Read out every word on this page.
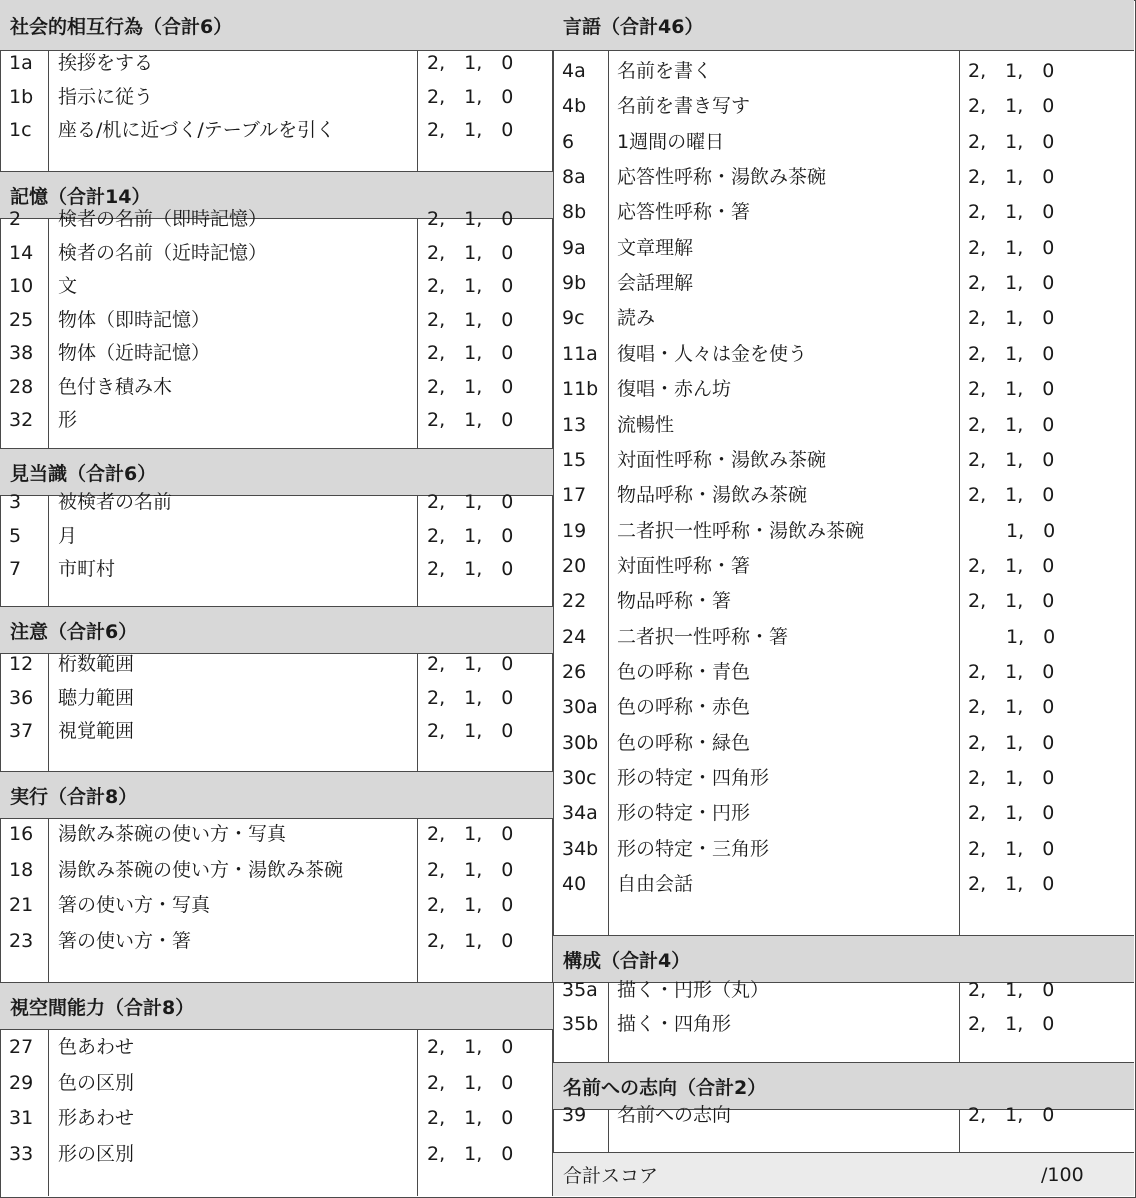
社会的相互行為（合計6）
1a 挨拶をする	2,　1,　0
1b 指示に従う	2,　1,　0
1c 座る/机に近づく/テーブルを引く	2,　1,　0
記憶（合計14）
2 検者の名前（即時記憶）	2,　1,　0
14 検者の名前（近時記憶）	2,　1,　0
10 文	2,　1,　0
25 物体（即時記憶）	2,　1,　0
38 物体（近時記憶）	2,　1,　0
28 色付き積み木	2,　1,　0
32 形	2,　1,　0
見当識（合計6）
3 被検者の名前	2,　1,　0
5 月	2,　1,　0
7 市町村	2,　1,　0
注意（合計6）
12 桁数範囲	2,　1,　0
36 聴力範囲	2,　1,　0
37 視覚範囲	2,　1,　0
実行（合計8）
16 湯飲み茶碗の使い方・写真	2,　1,　0
18 湯飲み茶碗の使い方・湯飲み茶碗	2,　1,　0
21 箸の使い方・写真	2,　1,　0
23 箸の使い方・箸	2,　1,　0
視空間能力（合計8）
27 色あわせ	2,　1,　0
29 色の区別	2,　1,　0
31 形あわせ	2,　1,　0
33 形の区別	2,　1,　0
言語（合計46）
4a 名前を書く	2,　1,　0
4b 名前を書き写す	2,　1,　0
6 1週間の曜日	2,　1,　0
8a 応答性呼称・湯飲み茶碗	2,　1,　0
8b 応答性呼称・箸	2,　1,　0
9a 文章理解	2,　1,　0
9b 会話理解	2,　1,　0
9c 読み	2,　1,　0
11a 復唱・人々は金を使う	2,　1,　0
11b 復唱・赤ん坊	2,　1,　0
13 流暢性	2,　1,　0
15 対面性呼称・湯飲み茶碗	2,　1,　0
17 物品呼称・湯飲み茶碗	2,　1,　0
19 二者択一性呼称・湯飲み茶碗	　　1,　0
20 対面性呼称・箸	2,　1,　0
22 物品呼称・箸	2,　1,　0
24 二者択一性呼称・箸	　　1,　0
26 色の呼称・青色	2,　1,　0
30a 色の呼称・赤色	2,　1,　0
30b 色の呼称・緑色	2,　1,　0
30c 形の特定・四角形	2,　1,　0
34a 形の特定・円形	2,　1,　0
34b 形の特定・三角形	2,　1,　0
40 自由会話	2,　1,　0
構成（合計4）
35a 描く・円形（丸）	2,　1,　0
35b 描く・四角形	2,　1,　0
名前への志向（合計2）
39 名前への志向	2,　1,　0
合計スコア	/100
